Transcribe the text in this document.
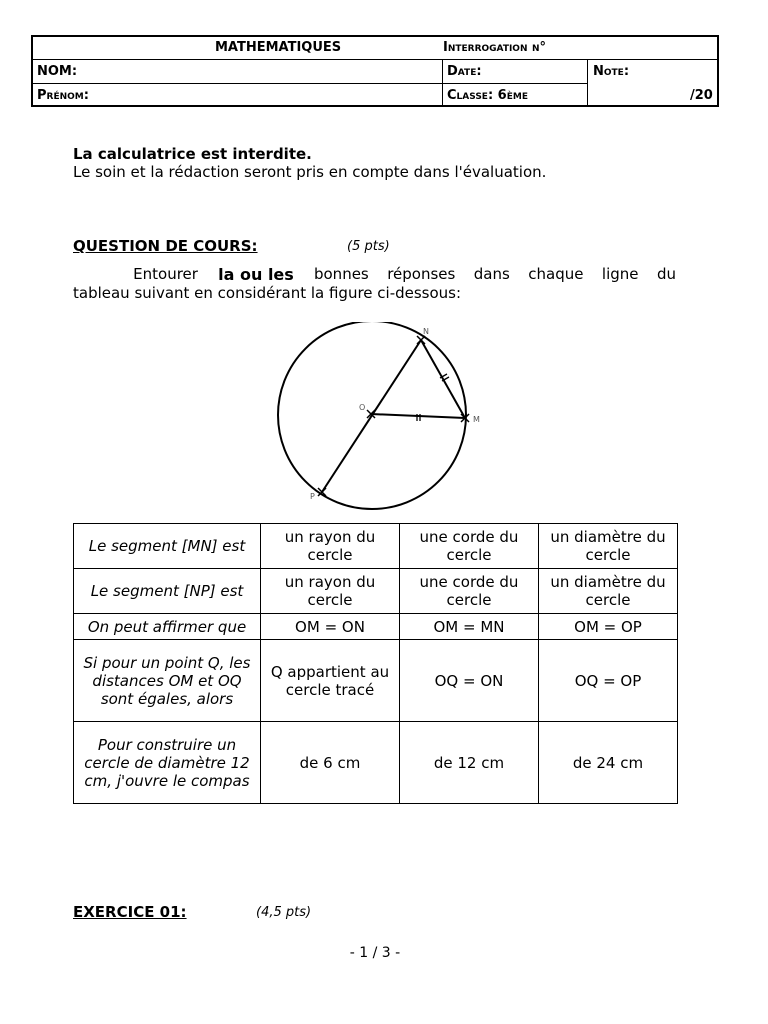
MATHEMATIQUES	Interrogation n°
NOM:	Date:	Note:
Prénom:	Classe: 6ème	/20
La calculatrice est interdite.
Le soin et la rédaction seront pris en compte dans l'évaluation.
QUESTION DE COURS:	(5 pts)
Entourer la ou les bonnes réponses dans chaque ligne du
tableau suivant en considérant la figure ci-dessous:
N
O
M
P
Le segment [MN] est	un rayon du cercle	une corde du cercle	un diamètre du cercle
Le segment [NP] est	un rayon du cercle	une corde du cercle	un diamètre du cercle
On peut affirmer que	OM = ON	OM = MN	OM = OP
Si pour un point Q, les distances OM et OQ sont égales, alors	Q appartient au cercle tracé	OQ = ON	OQ = OP
Pour construire un cercle de diamètre 12 cm, j'ouvre le compas	de 6 cm	de 12 cm	de 24 cm
EXERCICE 01:	(4,5 pts)
- 1 / 3 -
